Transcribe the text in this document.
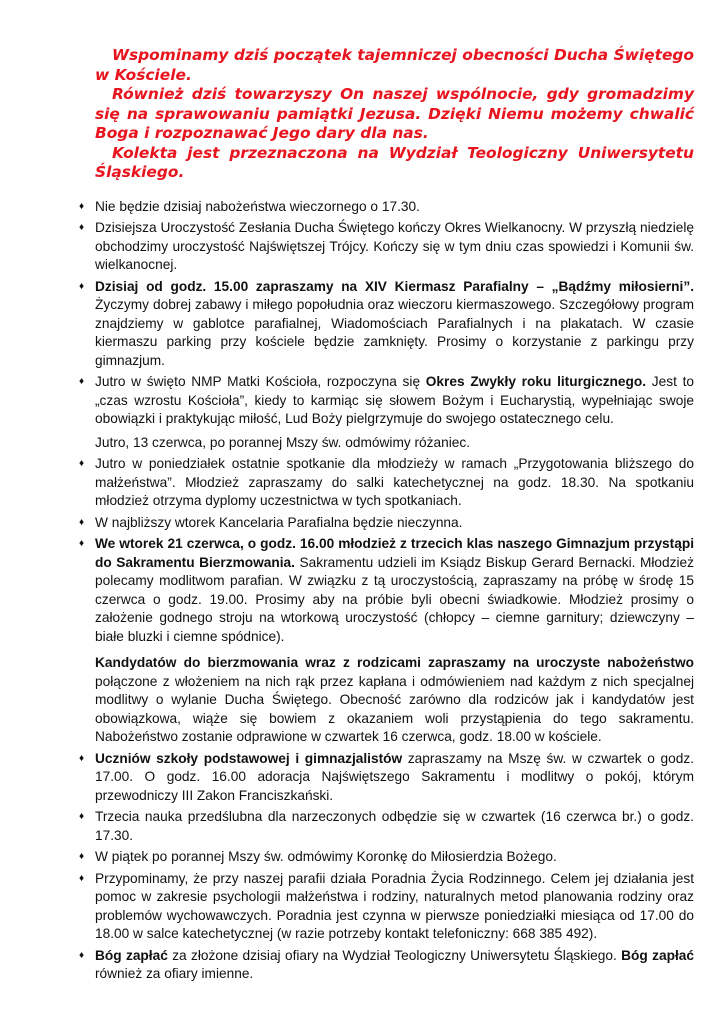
Wspominamy dziś początek tajemniczej obecności Ducha Świętego w Kościele.

Również dziś towarzyszy On naszej wspólnocie, gdy gromadzimy się na sprawowaniu pamiątki Jezusa. Dzięki Niemu możemy chwalić Boga i rozpoznawać Jego dary dla nas.

Kolekta jest przeznaczona na Wydział Teologiczny Uniwersytetu Śląskiego.

♦ Nie będzie dzisiaj nabożeństwa wieczornego o 17.30.

♦ Dzisiejsza Uroczystość Zesłania Ducha Świętego kończy Okres Wielkanocny. W przyszłą niedzielę obchodzimy uroczystość Najświętszej Trójcy. Kończy się w tym dniu czas spowiedzi i Komunii św. wielkanocnej.

♦ Dzisiaj od godz. 15.00 zapraszamy na XIV Kiermasz Parafialny – „Bądźmy miłosierni”. Życzymy dobrej zabawy i miłego popołudnia oraz wieczoru kiermaszowego. Szczegółowy program znajdziemy w gablotce parafialnej, Wiadomościach Parafialnych i na plakatach. W czasie kiermaszu parking przy kościele będzie zamknięty. Prosimy o korzystanie z parkingu przy gimnazjum.

♦ Jutro w święto NMP Matki Kościoła, rozpoczyna się Okres Zwykły roku liturgicznego. Jest to „czas wzrostu Kościoła”, kiedy to karmiąc się słowem Bożym i Eucharystią, wypełniając swoje obowiązki i praktykując miłość, Lud Boży pielgrzymuje do swojego ostatecznego celu.

Jutro, 13 czerwca, po porannej Mszy św. odmówimy różaniec.

♦ Jutro w poniedziałek ostatnie spotkanie dla młodzieży w ramach „Przygotowania bliższego do małżeństwa”. Młodzież zapraszamy do salki katechetycznej na godz. 18.30. Na spotkaniu młodzież otrzyma dyplomy uczestnictwa w tych spotkaniach.

♦ W najbliższy wtorek Kancelaria Parafialna będzie nieczynna.

♦ We wtorek 21 czerwca, o godz. 16.00 młodzież z trzecich klas naszego Gimnazjum przystąpi do Sakramentu Bierzmowania. Sakramentu udzieli im Ksiądz Biskup Gerard Bernacki. Młodzież polecamy modlitwom parafian. W związku z tą uroczystością, zapraszamy na próbę w środę 15 czerwca o godz. 19.00. Prosimy aby na próbie byli obecni świadkowie. Młodzież prosimy o założenie godnego stroju na wtorkową uroczystość (chłopcy – ciemne garnitury; dziewczyny – białe bluzki i ciemne spódnice).

Kandydatów do bierzmowania wraz z rodzicami zapraszamy na uroczyste nabożeństwo połączone z włożeniem na nich rąk przez kapłana i odmówieniem nad każdym z nich specjalnej modlitwy o wylanie Ducha Świętego. Obecność zarówno dla rodziców jak i kandydatów jest obowiązkowa, wiąże się bowiem z okazaniem woli przystąpienia do tego sakramentu. Nabożeństwo zostanie odprawione w czwartek 16 czerwca, godz. 18.00 w kościele.

♦ Uczniów szkoły podstawowej i gimnazjalistów zapraszamy na Mszę św. w czwartek o godz. 17.00. O godz. 16.00 adoracja Najświętszego Sakramentu i modlitwy o pokój, którym przewodniczy III Zakon Franciszkański.

♦ Trzecia nauka przedślubna dla narzeczonych odbędzie się w czwartek (16 czerwca br.) o godz. 17.30.

♦ W piątek po porannej Mszy św. odmówimy Koronkę do Miłosierdzia Bożego.

♦ Przypominamy, że przy naszej parafii działa Poradnia Życia Rodzinnego. Celem jej działania jest pomoc w zakresie psychologii małżeństwa i rodziny, naturalnych metod planowania rodziny oraz problemów wychowawczych. Poradnia jest czynna w pierwsze poniedziałki miesiąca od 17.00 do 18.00 w salce katechetycznej (w razie potrzeby kontakt telefoniczny: 668 385 492).

♦ Bóg zapłać za złożone dzisiaj ofiary na Wydział Teologiczny Uniwersytetu Śląskiego. Bóg zapłać również za ofiary imienne.
